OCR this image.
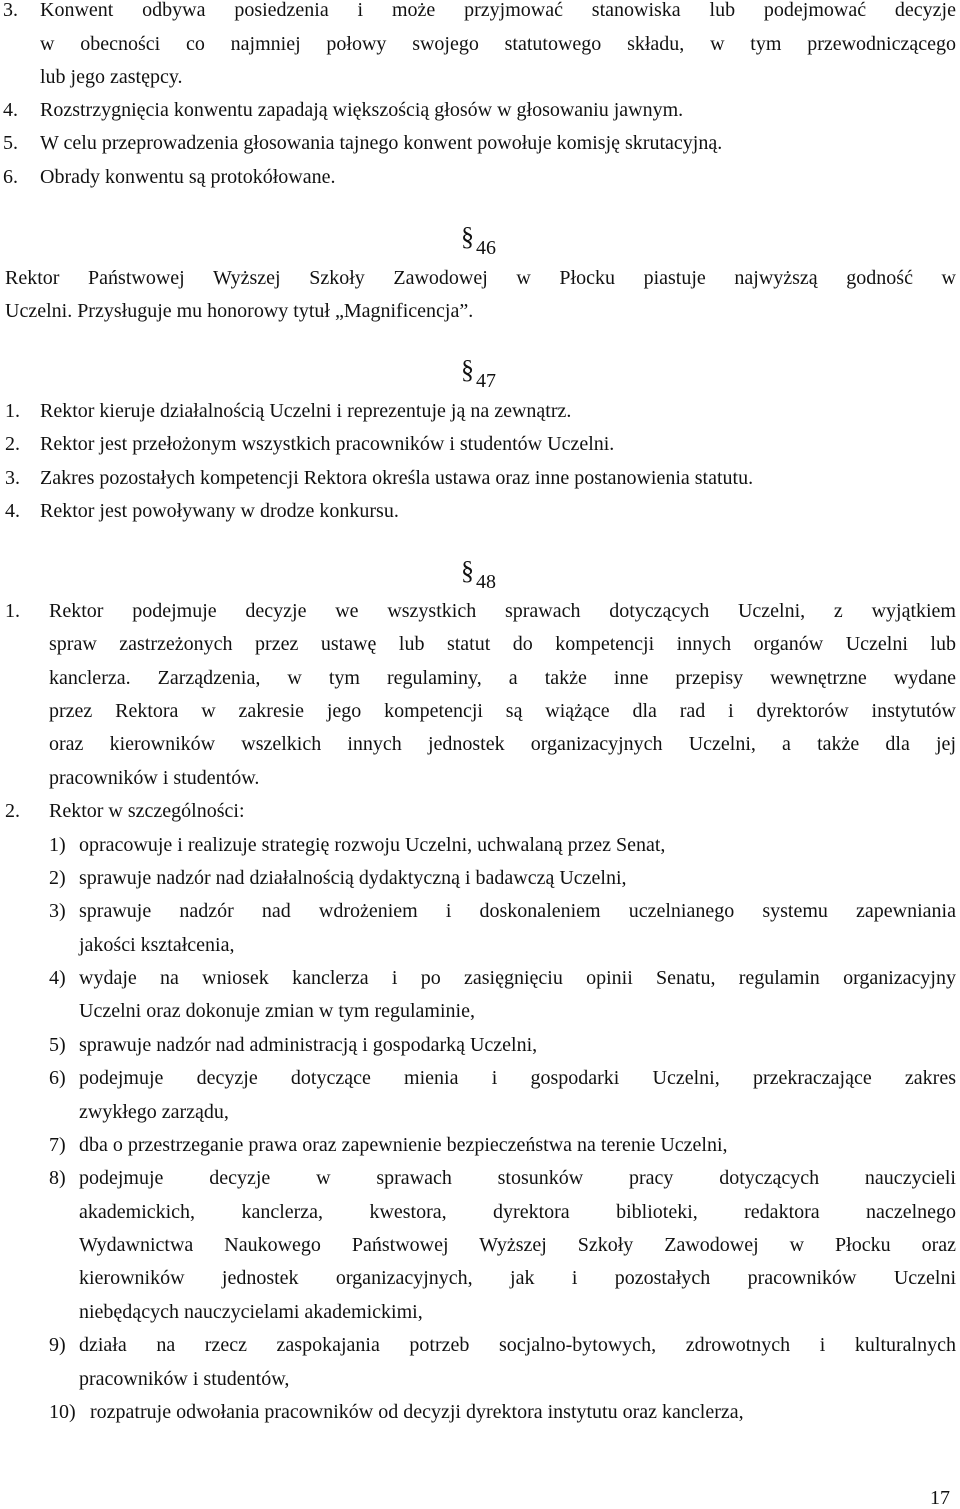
3. Konwent odbywa posiedzenia i może przyjmować stanowiska lub podejmować decyzje
w obecności co najmniej połowy swojego statutowego składu, w tym przewodniczącego
lub jego zastępcy.
4. Rozstrzygnięcia konwentu zapadają większością głosów w głosowaniu jawnym.
5. W celu przeprowadzenia głosowania tajnego konwent powołuje komisję skrutacyjną.
6. Obrady konwentu są protokółowane.
§ 46
Rektor Państwowej Wyższej Szkoły Zawodowej w Płocku piastuje najwyższą godność w
Uczelni. Przysługuje mu honorowy tytuł „Magnificencja”.
§ 47
1. Rektor kieruje działalnością Uczelni i reprezentuje ją na zewnątrz.
2. Rektor jest przełożonym wszystkich pracowników i studentów Uczelni.
3. Zakres pozostałych kompetencji Rektora określa ustawa oraz inne postanowienia statutu.
4. Rektor jest powoływany w drodze konkursu.
§ 48
1. Rektor podejmuje decyzje we wszystkich sprawach dotyczących Uczelni, z wyjątkiem
spraw zastrzeżonych przez ustawę lub statut do kompetencji innych organów Uczelni lub
kanclerza. Zarządzenia, w tym regulaminy, a także inne przepisy wewnętrzne wydane
przez Rektora w zakresie jego kompetencji są wiążące dla rad i dyrektorów instytutów
oraz kierowników wszelkich innych jednostek organizacyjnych Uczelni, a także dla jej
pracowników i studentów.
2. Rektor w szczególności:
1) opracowuje i realizuje strategię rozwoju Uczelni, uchwalaną przez Senat,
2) sprawuje nadzór nad działalnością dydaktyczną i badawczą Uczelni,
3) sprawuje nadzór nad wdrożeniem i doskonaleniem uczelnianego systemu zapewniania
jakości kształcenia,
4) wydaje na wniosek kanclerza i po zasięgnięciu opinii Senatu, regulamin organizacyjny
Uczelni oraz dokonuje zmian w tym regulaminie,
5) sprawuje nadzór nad administracją i gospodarką Uczelni,
6) podejmuje decyzje dotyczące mienia i gospodarki Uczelni, przekraczające zakres
zwykłego zarządu,
7) dba o przestrzeganie prawa oraz zapewnienie bezpieczeństwa na terenie Uczelni,
8) podejmuje decyzje w sprawach stosunków pracy dotyczących nauczycieli
akademickich, kanclerza, kwestora, dyrektora biblioteki, redaktora naczelnego
Wydawnictwa Naukowego Państwowej Wyższej Szkoły Zawodowej w Płocku oraz
kierowników jednostek organizacyjnych, jak i pozostałych pracowników Uczelni
niebędących nauczycielami akademickimi,
9) działa na rzecz zaspokajania potrzeb socjalno-bytowych, zdrowotnych i kulturalnych
pracowników i studentów,
10) rozpatruje odwołania pracowników od decyzji dyrektora instytutu oraz kanclerza,
17
